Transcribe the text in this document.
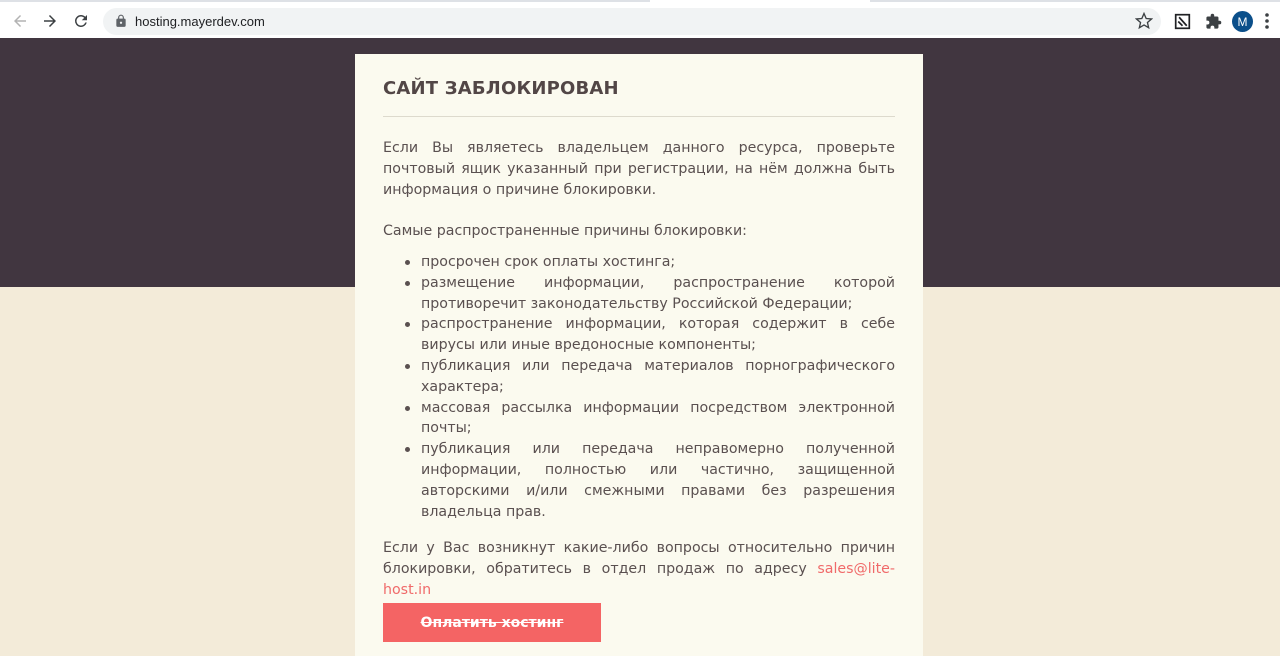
hosting.mayerdev.com	M
САЙТ ЗАБЛОКИРОВАН

Если Вы являетесь владельцем данного ресурса, проверьте почтовый ящик указанный при регистрации, на нём должна быть информация о причине блокировки.

Самые распространенные причины блокировки:

просрочен срок оплаты хостинга;
размещение информации, распространение которой противоречит законодательству Российской Федерации;
распространение информации, которая содержит в себе вирусы или иные вредоносные компоненты;
публикация или передача материалов порнографического характера;
массовая рассылка информации посредством электронной почты;
публикация или передача неправомерно полученной информации, полностью или частично, защищенной авторскими и/или смежными правами без разрешения владельца прав.

Если у Вас возникнут какие-либо вопросы относительно причин блокировки, обратитесь в отдел продаж по адресу sales@lite-host.in

Оплатить хостинг
